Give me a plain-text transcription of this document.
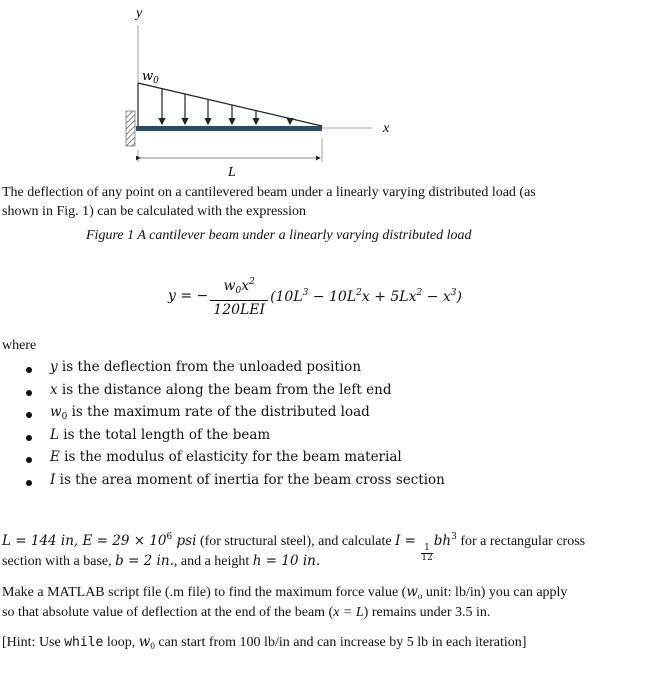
y
x
$w_0$
L
The deflection of any point on a cantilevered beam under a linearly varying distributed load (as
shown in Fig. 1) can be calculated with the expression
Figure 1 A cantilever beam under a linearly varying distributed load
y = − $\frac{w_0x^2}{\text{120LEI}} (10L^3 - 10L^2x + 5Lx^2 - x^3)$
where
y is the deflection from the unloaded position
x is the distance along the beam from the left end
$w_0$ is the maximum rate of the distributed load
L is the total length of the beam
E is the modulus of elasticity for the beam material
I is the area moment of inertia for the beam cross section
L = 144 in, $E = 29 \times 10^6$ psi (for structural steel), and calculate I =
$\frac{1}{12}$
$bh^3$ for a rectangular cross
section with a base, b = 2 in., and a height h = 10 in.
Make a MATLAB script file (.m file) to find the maximum force value ($w_o$ unit: lb/in) you can apply
so that absolute value of deflection at the end of the beam (x = L) remains under 3.5 in.
[Hint: Use while loop, $w_0$ can start from 100 lb/in and can increase by 5 lb in each iteration]
